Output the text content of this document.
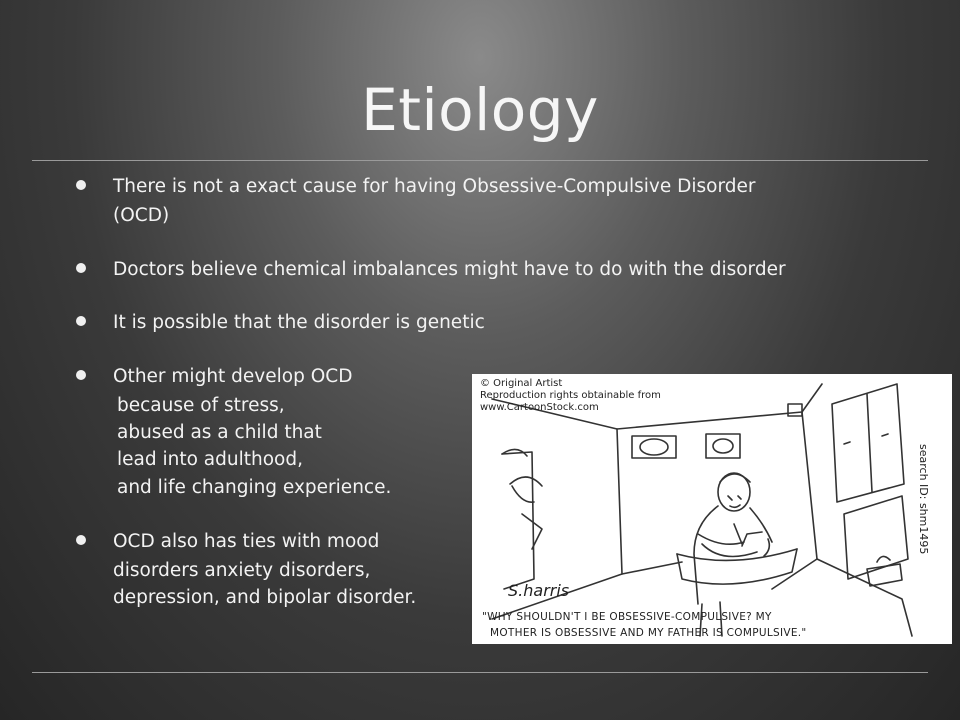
Etiology
There is not a exact cause for having Obsessive-Compulsive Disorder
(OCD)
Doctors believe chemical imbalances might have to do with the disorder
It is possible that the disorder is genetic
Other might develop OCD
because of stress,
abused as a child that
lead into adulthood,
and life changing experience.
OCD also has ties with mood
disorders anxiety disorders,
depression, and bipolar disorder.
© Original Artist
Reproduction rights obtainable from
www.CartoonStock.com
search ID: shm1495
S.harris
"WHY SHOULDN'T I BE OBSESSIVE-COMPULSIVE? MY
MOTHER IS OBSESSIVE AND MY FATHER IS COMPULSIVE."
